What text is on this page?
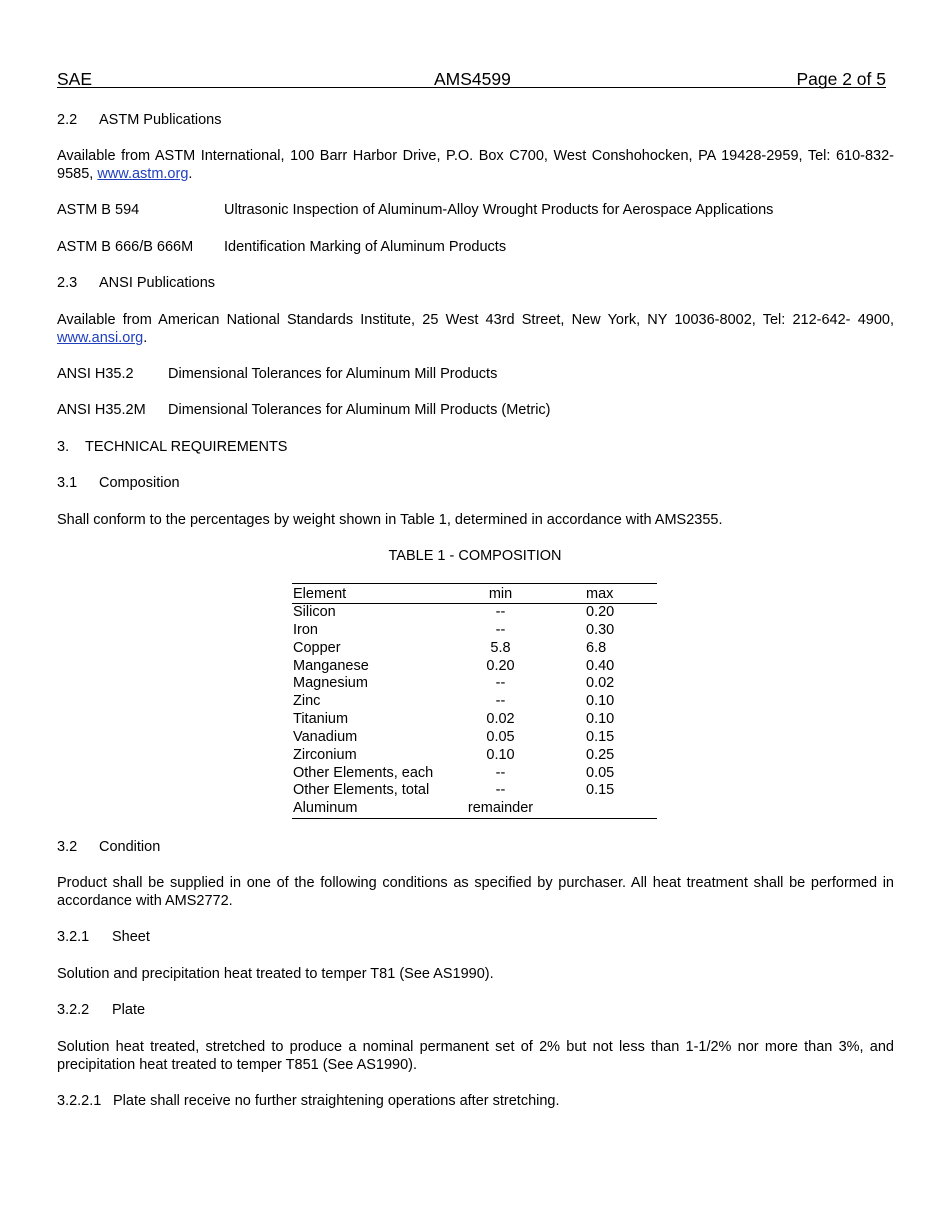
SAE	AMS4599	Page 2 of 5
2.2 ASTM Publications
Available from ASTM International, 100 Barr Harbor Drive, P.O. Box C700, West Conshohocken, PA 19428-2959, Tel: 610-832-9585, www.astm.org.
ASTM B 594	Ultrasonic Inspection of Aluminum-Alloy Wrought Products for Aerospace Applications
ASTM B 666/B 666M Identification Marking of Aluminum Products
2.3 ANSI Publications
Available from American National Standards Institute, 25 West 43rd Street, New York, NY 10036-8002, Tel: 212-642- 4900, www.ansi.org.
ANSI H35.2 Dimensional Tolerances for Aluminum Mill Products
ANSI H35.2M Dimensional Tolerances for Aluminum Mill Products (Metric)
3. TECHNICAL REQUIREMENTS
3.1 Composition
Shall conform to the percentages by weight shown in Table 1, determined in accordance with AMS2355.
TABLE 1 - COMPOSITION
Element	min	max
Silicon	--	0.20
Iron	--	0.30
Copper	5.8	6.8
Manganese	0.20	0.40
Magnesium	--	0.02
Zinc	--	0.10
Titanium	0.02	0.10
Vanadium	0.05	0.15
Zirconium	0.10	0.25
Other Elements, each	--	0.05
Other Elements, total	--	0.15
Aluminum	remainder
3.2 Condition
Product shall be supplied in one of the following conditions as specified by purchaser. All heat treatment shall be performed in accordance with AMS2772.
3.2.1 Sheet
Solution and precipitation heat treated to temper T81 (See AS1990).
3.2.2 Plate
Solution heat treated, stretched to produce a nominal permanent set of 2% but not less than 1-1/2% nor more than 3%, and precipitation heat treated to temper T851 (See AS1990).
3.2.2.1 Plate shall receive no further straightening operations after stretching.
